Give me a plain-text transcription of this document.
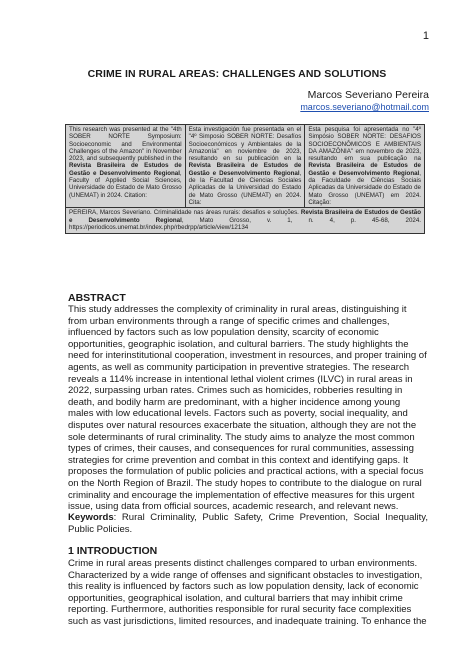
1
CRIME IN RURAL AREAS: CHALLENGES AND SOLUTIONS
Marcos Severiano Pereira
marcos.severiano@hotmail.com
This research was presented at the "4th SOBER NORTE Symposium: Socioeconomic and Environmental Challenges of the Amazon" in November 2023, and subsequently published in the Revista Brasileira de Estudos de Gestão e Desenvolvimento Regional, Faculty of Applied Social Sciences, Universidade do Estado de Mato Grosso (UNEMAT) in 2024. Citation:	Esta investigación fue presentada en el "4º Simposio SOBER NORTE: Desafíos Socioeconómicos y Ambientales de la Amazonía" en noviembre de 2023, resultando en su publicación en la Revista Brasileira de Estudos de Gestão e Desenvolvimento Regional, de la Facultad de Ciencias Sociales Aplicadas de la Universidad do Estado de Mato Grosso (UNEMAT) en 2024. Cita:	Esta pesquisa foi apresentada no "4º Simpósio SOBER NORTE: DESAFIOS SOCIOECONÔMICOS E AMBIENTAIS DA AMAZÔNIA" em novembro de 2023, resultando em sua publicação na Revista Brasileira de Estudos de Gestão e Desenvolvimento Regional, da Faculdade de Ciências Sociais Aplicadas da Universidade do Estado de Mato Grosso (UNEMAT) em 2024. Citação:
PEREIRA, Marcos Severiano. Criminalidade nas áreas rurais: desafios e soluções. Revista Brasileira de Estudos de Gestão e Desenvolvimento Regional, Mato Grosso, v. 1, n. 4, p. 45-68, 2024. https://periodicos.unemat.br/index.php/rbedrpp/article/view/12134
ABSTRACT

This study addresses the complexity of criminality in rural areas, distinguishing it from urban environments through a range of specific crimes and challenges, influenced by factors such as low population density, scarcity of economic opportunities, geographic isolation, and cultural barriers. The study highlights the need for interinstitutional cooperation, investment in resources, and proper training of agents, as well as community participation in preventive strategies. The research reveals a 114% increase in intentional lethal violent crimes (ILVC) in rural areas in 2022, surpassing urban rates. Crimes such as homicides, robberies resulting in death, and bodily harm are predominant, with a higher incidence among young males with low educational levels. Factors such as poverty, social inequality, and disputes over natural resources exacerbate the situation, although they are not the sole determinants of rural criminality. The study aims to analyze the most common types of crimes, their causes, and consequences for rural communities, assessing strategies for crime prevention and combat in this context and identifying gaps. It proposes the formulation of public policies and practical actions, with a special focus on the North Region of Brazil. The study hopes to contribute to the dialogue on rural criminality and encourage the implementation of effective measures for this urgent issue, using data from official sources, academic research, and relevant news.

Keywords: Rural Criminality, Public Safety, Crime Prevention, Social Inequality, Public Policies.

1 INTRODUCTION

Crime in rural areas presents distinct challenges compared to urban environments. Characterized by a wide range of offenses and significant obstacles to investigation, this reality is influenced by factors such as low population density, lack of economic opportunities, geographical isolation, and cultural barriers that may inhibit crime reporting. Furthermore, authorities responsible for rural security face complexities such as vast jurisdictions, limited resources, and inadequate training. To enhance the
